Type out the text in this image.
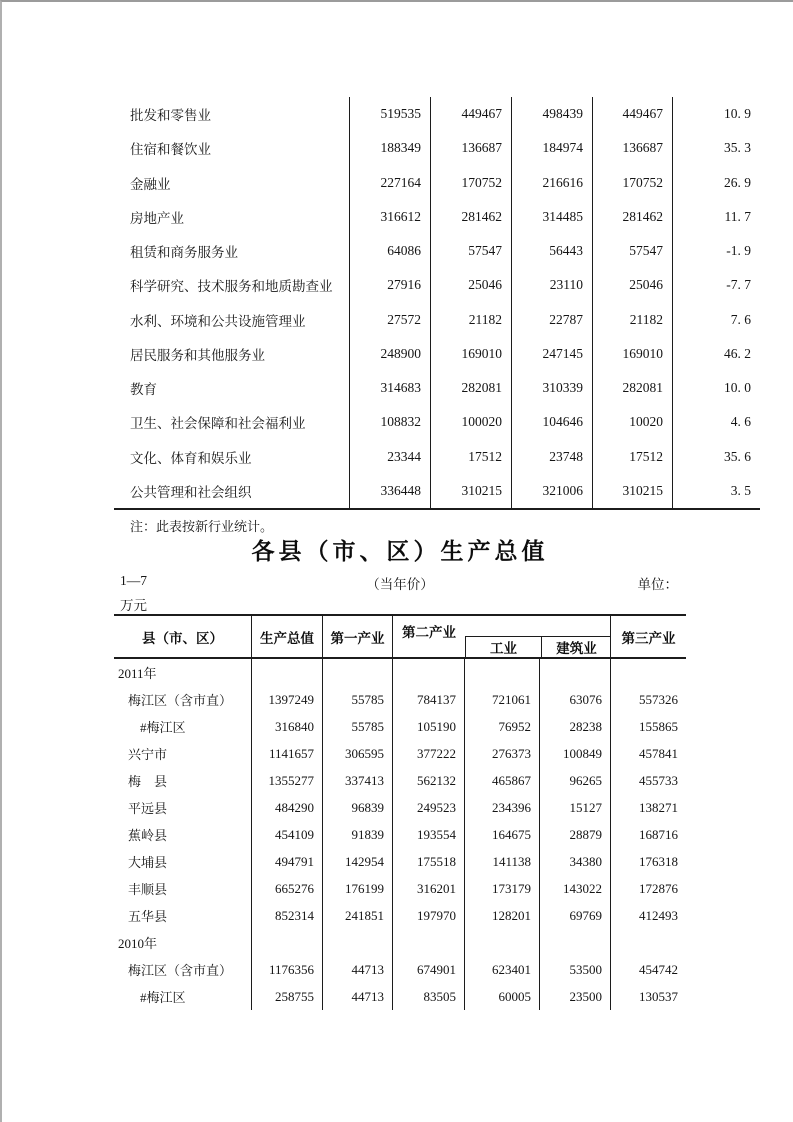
批发和零售业	519535	449467	498439	449467	10. 9
住宿和餐饮业	188349	136687	184974	136687	35. 3
金融业	227164	170752	216616	170752	26. 9
房地产业	316612	281462	314485	281462	11. 7
租赁和商务服务业	64086	57547	56443	57547	-1. 9
科学研究、技术服务和地质勘查业	27916	25046	23110	25046	-7. 7
水利、环境和公共设施管理业	27572	21182	22787	21182	7. 6
居民服务和其他服务业	248900	169010	247145	169010	46. 2
教育	314683	282081	310339	282081	10. 0
卫生、社会保障和社会福利业	108832	100020	104646	10020	4. 6
文化、体育和娱乐业	23344	17512	23748	17512	35. 6
公共管理和社会组织	336448	310215	321006	310215	3. 5
注：此表按新行业统计。
各县（市、区）生产总值
1—7	（当年价）	单位：
万元
县（市、区）	生产总值	第一产业	第二产业
工业	建筑业
第三产业
2011年
梅江区（含市直）	1397249	55785	784137	721061	63076	557326
#梅江区	316840	55785	105190	76952	28238	155865
兴宁市	1141657	306595	377222	276373	100849	457841
梅　县	1355277	337413	562132	465867	96265	455733
平远县	484290	96839	249523	234396	15127	138271
蕉岭县	454109	91839	193554	164675	28879	168716
大埔县	494791	142954	175518	141138	34380	176318
丰顺县	665276	176199	316201	173179	143022	172876
五华县	852314	241851	197970	128201	69769	412493
2010年
梅江区（含市直）	1176356	44713	674901	623401	53500	454742
#梅江区	258755	44713	83505	60005	23500	130537
